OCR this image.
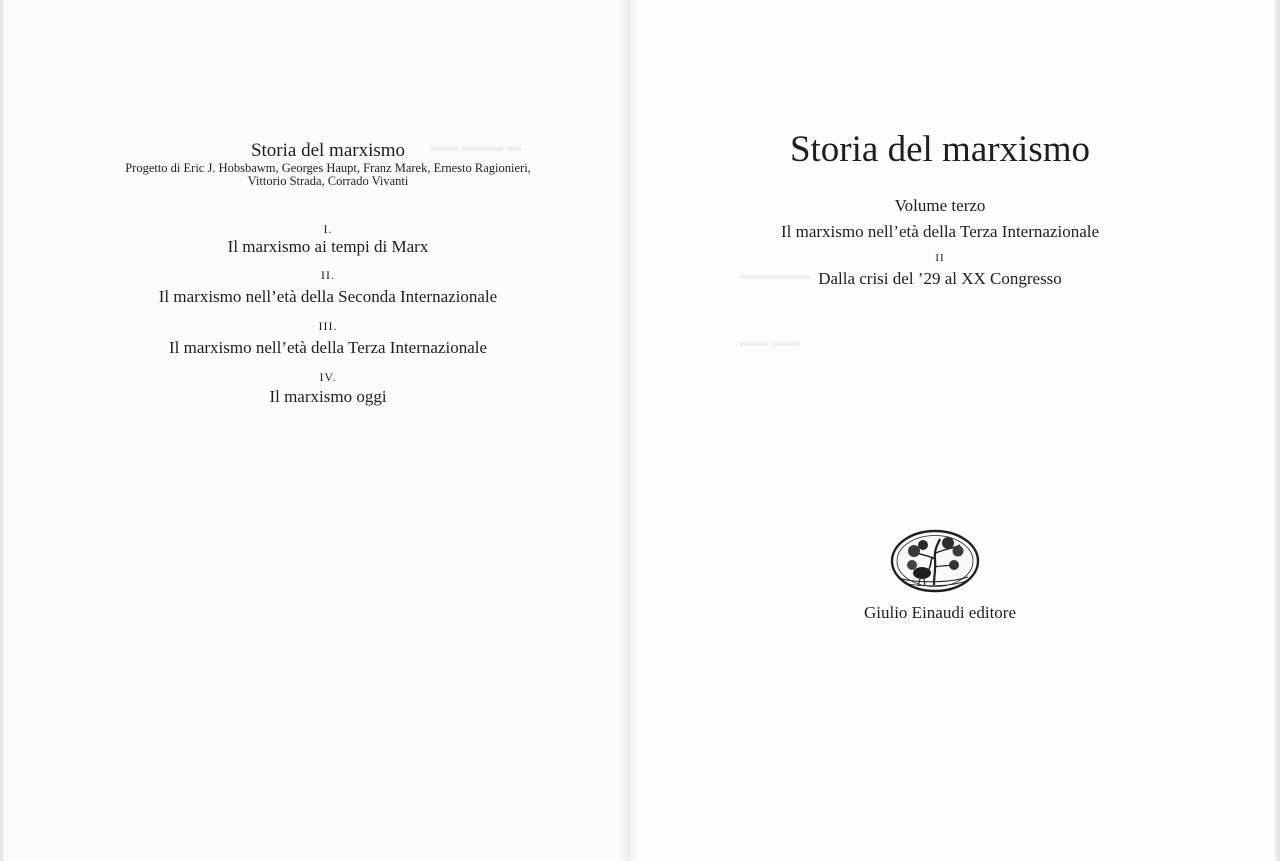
▬▬ ▬▬▬ ▬
▬▬▬▬▬
▬▬ ▬▬
Storia del marxismo
Progetto di Eric J. Hobsbawm, Georges Haupt, Franz Marek, Ernesto Ragionieri,
Vittorio Strada, Corrado Vivanti
I.
Il marxismo ai tempi di Marx
II.
Il marxismo nell’età della Seconda Internazionale
III.
Il marxismo nell’età della Terza Internazionale
IV.
Il marxismo oggi
Storia del marxismo
Volume terzo
Il marxismo nell’età della Terza Internazionale
II
Dalla crisi del ’29 al XX Congresso
Giulio Einaudi editore
